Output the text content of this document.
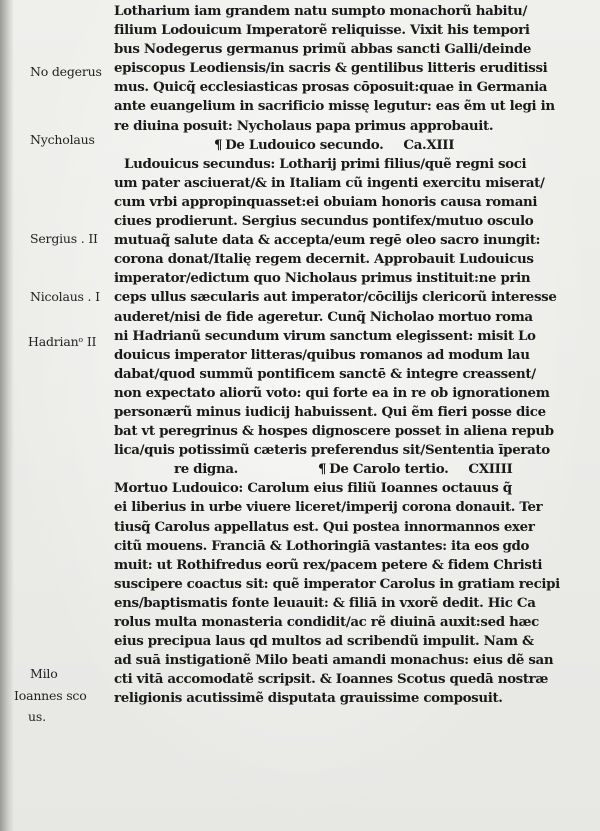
No degerus
Nycholaus
Sergius . II
Nicolaus . I
Hadrianᵒ II
Milo
Ioannes sco
us.
Lotharium iam grandem natu sumpto monachorũ habitu/
filium Lodouicum Imperatorẽ reliquisse. Vixit his tempori
bus Nodegerus germanus primũ abbas sancti Galli/deinde
episcopus Leodiensis/in sacris & gentilibus litteris eruditissi
mus. Quicq̃ ecclesiasticas prosas cōposuit:quae in Germania
ante euangelium in sacrificio missę legutur: eas ẽm ut legi in
re diuina posuit: Nycholaus papa primus approbauit.
¶ De Ludouico secundo. Ca.XIII
Ludouicus secundus: Lotharij primi filius/quẽ regni soci
um pater asciuerat/& in Italiam cũ ingenti exercitu miserat/
cum vrbi appropinquasset:ei obuiam honoris causa romani
ciues prodierunt. Sergius secundus pontifex/mutuo osculo
mutuaq̃ salute data & accepta/eum regē oleo sacro inungit:
corona donat/Italię regem decernit. Approbauit Ludouicus
imperator/edictum quo Nicholaus primus instituit:ne prin
ceps ullus sæcularis aut imperator/cōcilijs clericorũ interesse
auderet/nisi de fide ageretur. Cunq̃ Nicholao mortuo roma
ni Hadrianũ secundum virum sanctum elegissent: misit Lo
douicus imperator litteras/quibus romanos ad modum lau
dabat/quod summũ pontificem sanctē & integre creassent/
non expectato aliorũ voto: qui forte ea in re ob ignorationem
personærũ minus iudicij habuissent. Qui ẽm fieri posse dice
bat vt peregrinus & hospes dignoscere posset in aliena repub
lica/quis potissimũ cæteris preferendus sit/Sententia īperato
re digna.	¶ De Carolo tertio. CXIIII
Mortuo Ludouico: Carolum eius filiũ Ioannes octauus q̃
ei liberius in urbe viuere liceret/imperij corona donauit. Ter
tiusq̃ Carolus appellatus est. Qui postea innormannos exer
citũ mouens. Franciā & Lothoringiā vastantes: ita eos gdo
muit: ut Rothifredus eorũ rex/pacem petere & fidem Christi
suscipere coactus sit: quẽ imperator Carolus in gratiam recipi
ens/baptismatis fonte leuauit: & filiā in vxorẽ dedit. Hic Ca
rolus multa monasteria condidit/ac rẽ diuinā auxit:sed hæc
eius precipua laus qd multos ad scribendũ impulit. Nam &
ad suā instigationẽ Milo beati amandi monachus: eius dẽ san
cti vitā accomodatẽ scripsit. & Ioannes Scotus quedā nostræ
religionis acutissimẽ disputata grauissime composuit.
